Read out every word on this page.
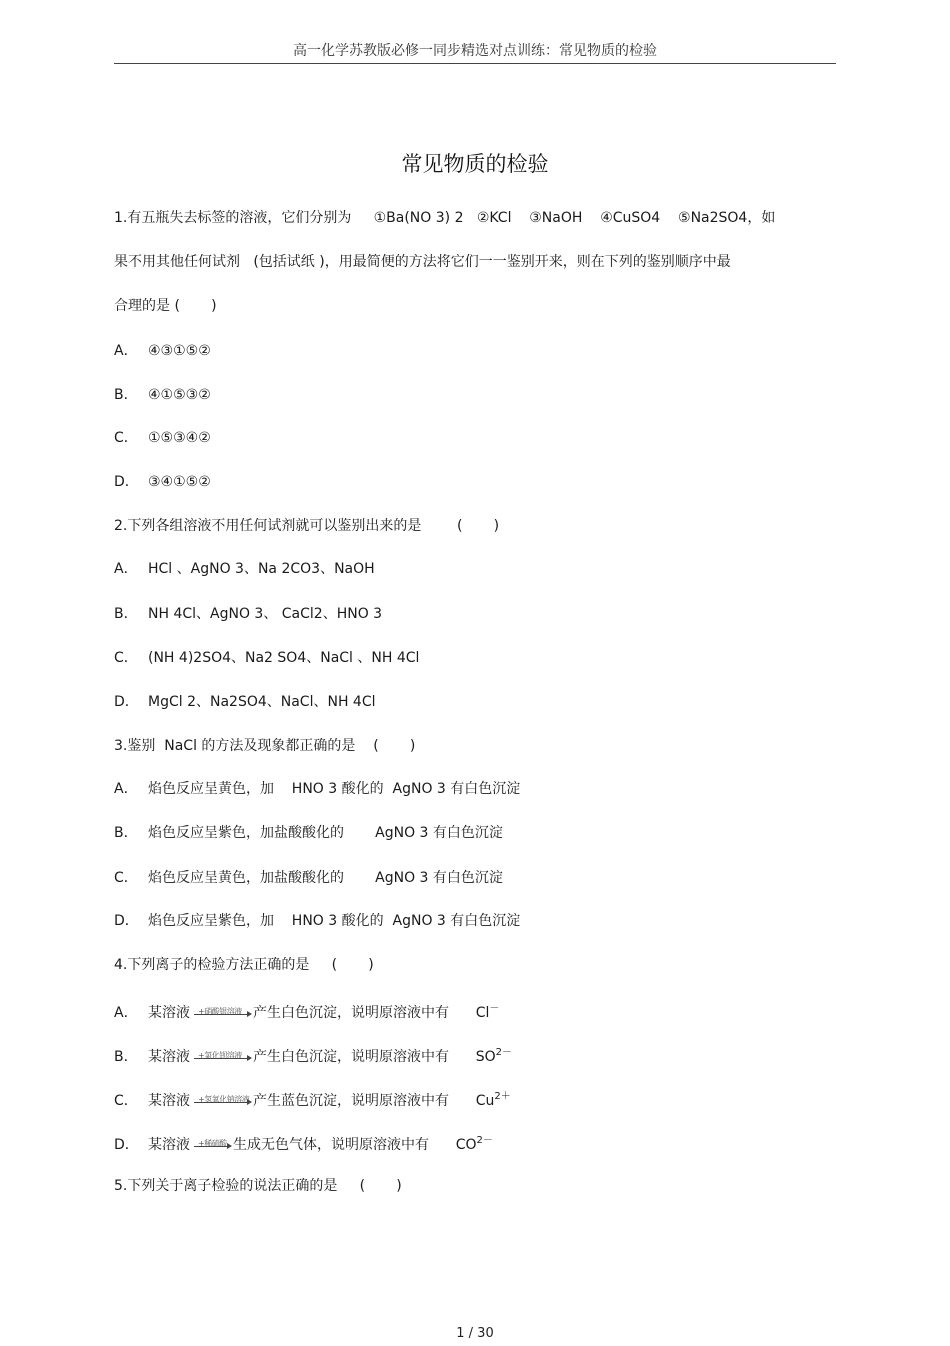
高一化学苏教版必修一同步精选对点训练：常见物质的检验
常见物质的检验
1.有五瓶失去标签的溶液，它们分别为     ①Ba(NO 3) 2   ②KCl    ③NaOH    ④CuSO4    ⑤Na2SO4，如
果不用其他任何试剂   (包括试纸 )，用最简便的方法将它们一一鉴别开来，则在下列的鉴别顺序中最
合理的是 (       )
A． ④③①⑤②
B． ④①⑤③②
C． ①⑤③④②
D． ③④①⑤②
2.下列各组溶液不用任何试剂就可以鉴别出来的是        (       )
A． HCl 、AgNO 3、Na 2CO3、NaOH
B． NH 4Cl、AgNO 3、 CaCl2、HNO 3
C． (NH 4)2SO4、Na2 SO4、NaCl 、NH 4Cl
D． MgCl 2、Na2SO4、NaCl、NH 4Cl
3.鉴别  NaCl 的方法及现象都正确的是    (       )
A． 焰色反应呈黄色，加    HNO 3 酸化的  AgNO 3 有白色沉淀
B． 焰色反应呈紫色，加盐酸酸化的       AgNO 3 有白色沉淀
C． 焰色反应呈黄色，加盐酸酸化的       AgNO 3 有白色沉淀
D． 焰色反应呈紫色，加    HNO 3 酸化的  AgNO 3 有白色沉淀
4.下列离子的检验方法正确的是     (       )
A． 某溶液 +硝酸银溶液 产生白色沉淀，说明原溶液中有 Cl－
B． 某溶液 +氯化钡溶液 产生白色沉淀，说明原溶液中有 $SO^{2-}$
C． 某溶液 +氢氧化钠溶液 产生蓝色沉淀，说明原溶液中有 $Cu^{2+}$
D． 某溶液 +稀硫酸 生成无色气体，说明原溶液中有 $CO^{2-}$
5.下列关于离子检验的说法正确的是     (       )
1 / 30
